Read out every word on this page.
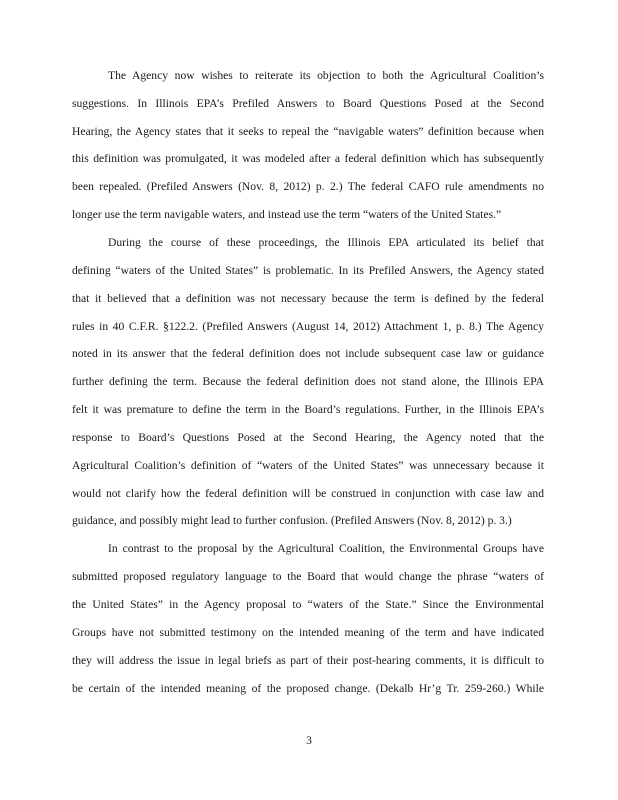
The Agency now wishes to reiterate its objection to both the Agricultural Coalition’s
suggestions. In Illinois EPA’s Prefiled Answers to Board Questions Posed at the Second
Hearing, the Agency states that it seeks to repeal the “navigable waters” definition because when
this definition was promulgated, it was modeled after a federal definition which has subsequently
been repealed. (Prefiled Answers (Nov. 8, 2012) p. 2.) The federal CAFO rule amendments no
longer use the term navigable waters, and instead use the term “waters of the United States.”
During the course of these proceedings, the Illinois EPA articulated its belief that
defining “waters of the United States” is problematic. In its Prefiled Answers, the Agency stated
that it believed that a definition was not necessary because the term is defined by the federal
rules in 40 C.F.R. §122.2. (Prefiled Answers (August 14, 2012) Attachment 1, p. 8.) The Agency
noted in its answer that the federal definition does not include subsequent case law or guidance
further defining the term. Because the federal definition does not stand alone, the Illinois EPA
felt it was premature to define the term in the Board’s regulations. Further, in the Illinois EPA’s
response to Board’s Questions Posed at the Second Hearing, the Agency noted that the
Agricultural Coalition’s definition of “waters of the United States” was unnecessary because it
would not clarify how the federal definition will be construed in conjunction with case law and
guidance, and possibly might lead to further confusion. (Prefiled Answers (Nov. 8, 2012) p. 3.)
In contrast to the proposal by the Agricultural Coalition, the Environmental Groups have
submitted proposed regulatory language to the Board that would change the phrase “waters of
the United States” in the Agency proposal to “waters of the State.” Since the Environmental
Groups have not submitted testimony on the intended meaning of the term and have indicated
they will address the issue in legal briefs as part of their post-hearing comments, it is difficult to
be certain of the intended meaning of the proposed change. (Dekalb Hr’g Tr. 259-260.) While
3
